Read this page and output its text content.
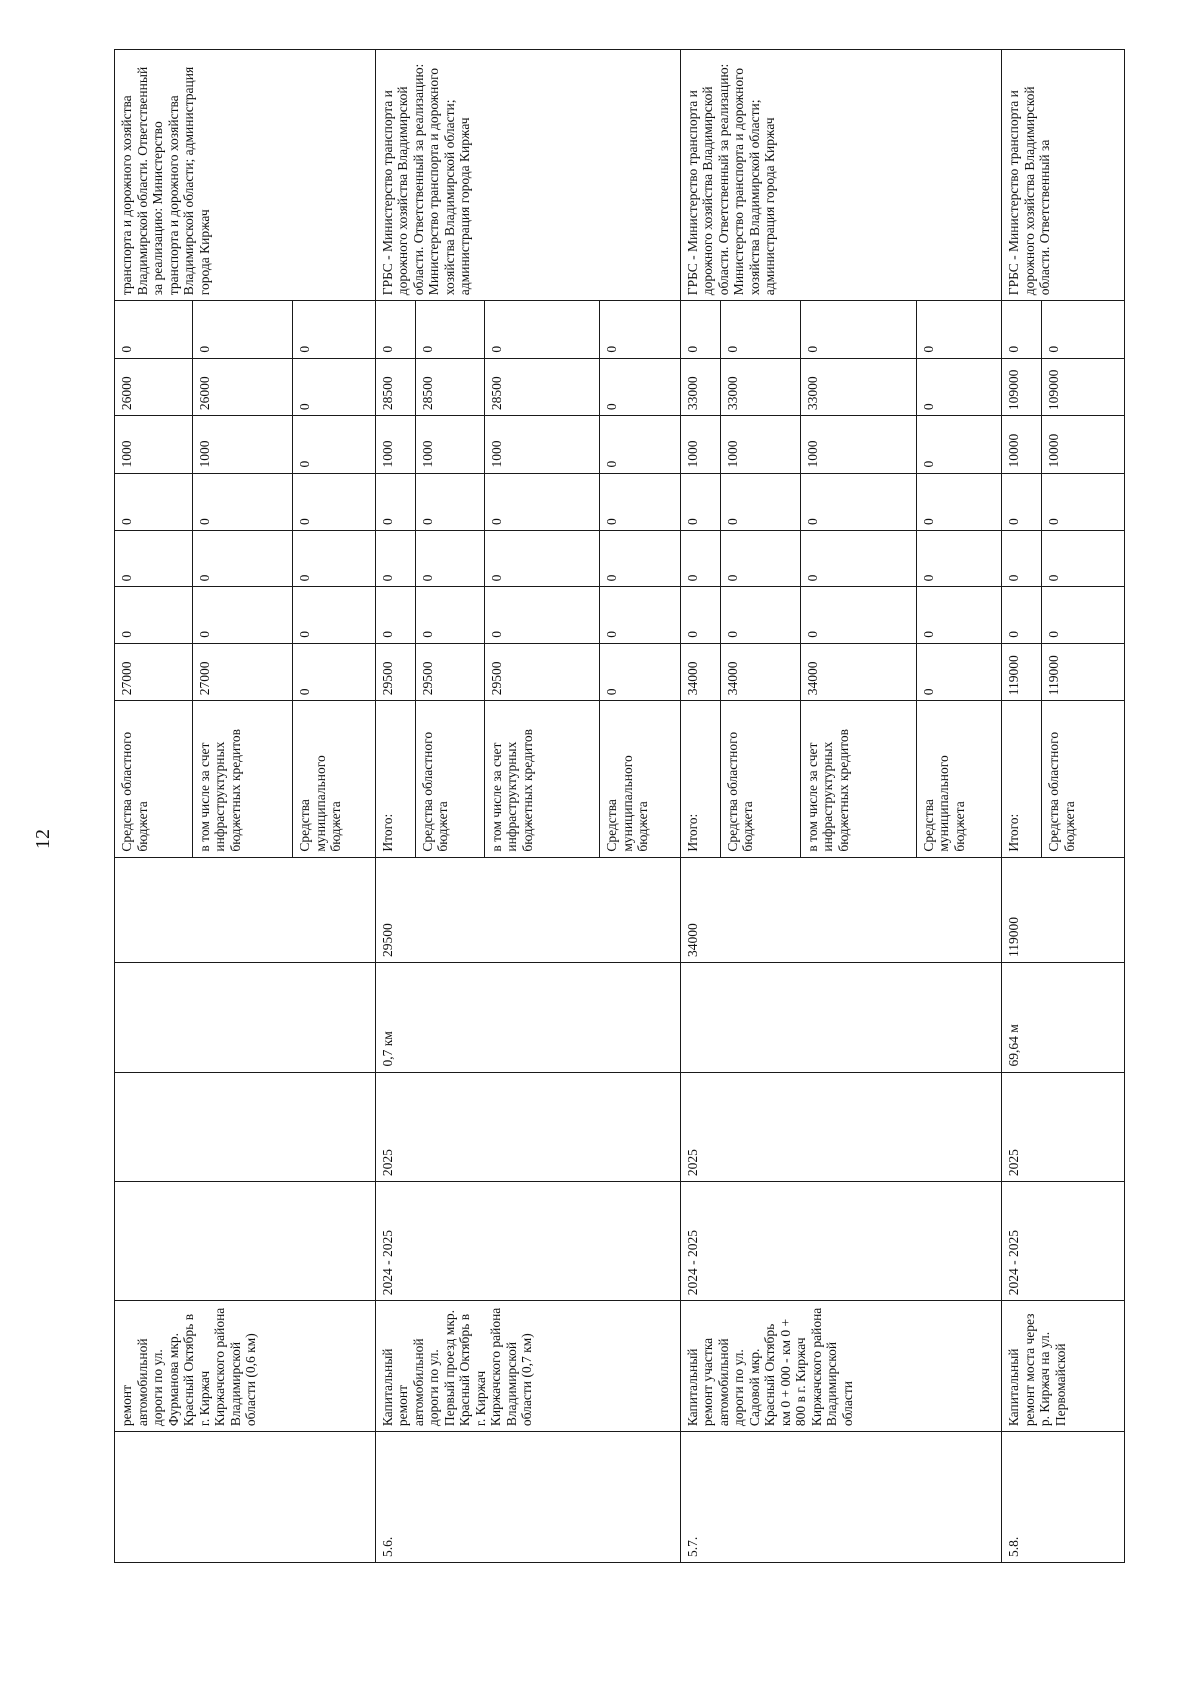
12
	ремонт автомобильной дороги по ул. Фурманова мкр. Красный Октябрь в г. Киржач Киржачского района Владимирской области (0,6 км)					Средства областного бюджета	27000	0	0	0	1000	26000	0	транспорта и дорожного хозяйства Владимирской области. Ответственный за реализацию: Министерство транспорта и дорожного хозяйства Владимирской области; администрация города Киржач
						в том числе за счет инфраструктурных бюджетных кредитов	27000	0	0	0	1000	26000	0	
						Средства муниципального бюджета	0	0	0	0	0	0	0	
5.6.	Капитальный ремонт автомобильной дороги по ул. Первый проезд мкр. Красный Октябрь в г. Киржач Киржачского района Владимирской области (0,7 км)	2024 - 2025	2025	0,7 км	29500	Итого:	29500	0	0	0	1000	28500	0	ГРБС - Министерство транспорта и дорожного хозяйства Владимирской области. Ответственный за реализацию: Министерство транспорта и дорожного хозяйства Владимирской области; администрация города Киржач
						Средства областного бюджета	29500	0	0	0	1000	28500	0	
						в том числе за счет инфраструктурных бюджетных кредитов	29500	0	0	0	1000	28500	0	
						Средства муниципального бюджета	0	0	0	0	0	0	0	
5.7.	Капитальный ремонт участка автомобильной дороги по ул. Садовой мкр. Красный Октябрь км 0 + 000 - км 0 + 800 в г. Киржач Киржачского района Владимирской области	2024 - 2025	2025		34000	Итого:	34000	0	0	0	1000	33000	0	ГРБС - Министерство транспорта и дорожного хозяйства Владимирской области. Ответственный за реализацию: Министерство транспорта и дорожного хозяйства Владимирской области; администрация города Киржач
						Средства областного бюджета	34000	0	0	0	1000	33000	0	
						в том числе за счет инфраструктурных бюджетных кредитов	34000	0	0	0	1000	33000	0	
						Средства муниципального бюджета	0	0	0	0	0	0	0	
5.8.	Капитальный ремонт моста через р. Киржач на ул. Первомайской	2024 - 2025	2025	69,64 м	119000	Итого:	119000	0	0	0	10000	109000	0	ГРБС - Министерство транспорта и дорожного хозяйства Владимирской области. Ответственный за
						Средства областного бюджета	119000	0	0	0	10000	109000	0	
